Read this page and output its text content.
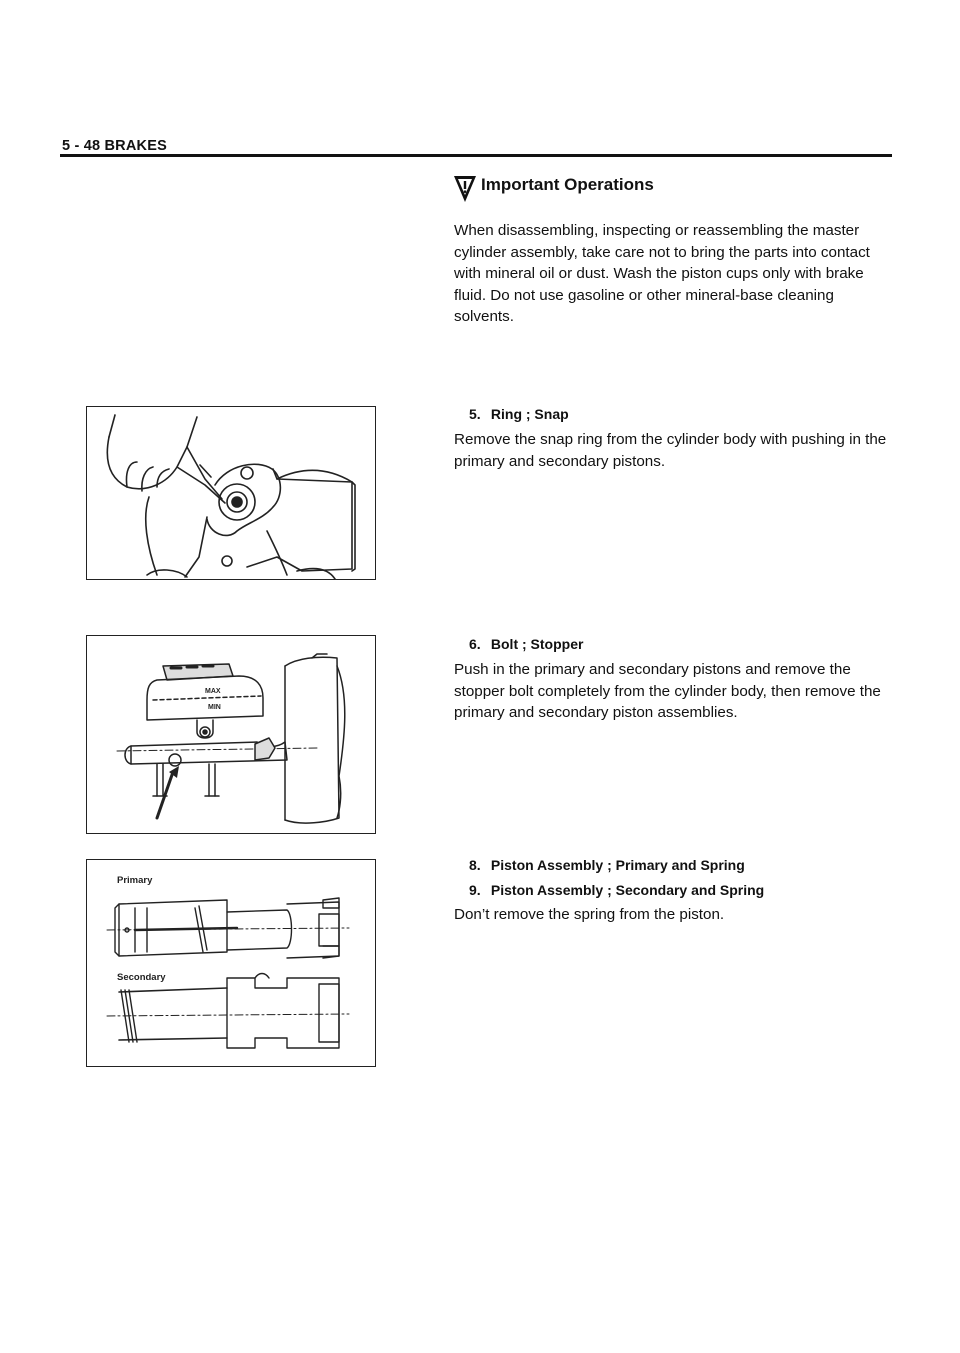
5 - 48 BRAKES
Important Operations
When disassembling, inspecting or reassembling the master cylinder assembly, take care not to bring the parts into contact with mineral oil or dust. Wash the piston cups only with brake fluid. Do not use gasoline or other mineral-base cleaning solvents.
5. Ring ; Snap
Remove the snap ring from the cylinder body with pushing in the primary and secondary pistons.
6. Bolt ; Stopper
Push in the primary and secondary pistons and remove the stopper bolt completely from the cylinder body, then remove the primary and secondary piston assemblies.
8. Piston Assembly ; Primary and Spring
9. Piston Assembly ; Secondary and Spring
Don’t remove the spring from the piston.
MAX
MIN
Primary
Secondary
